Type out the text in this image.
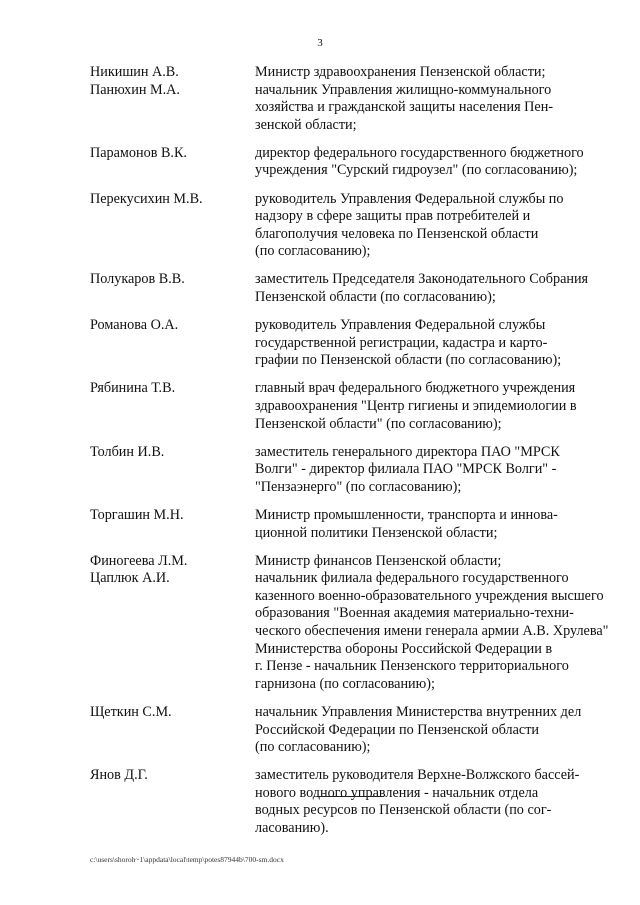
3
Никишин А.В.	Министр здравоохранения Пензенской области;
Панюхин М.А.	начальник Управления жилищно-коммунального
хозяйства и гражданской защиты населения Пен-
зенской области;
Парамонов В.К.	директор федерального государственного бюджетного
учреждения "Сурский гидроузел" (по согласованию);
Перекусихин М.В.	руководитель Управления Федеральной службы по
надзору в сфере защиты прав потребителей и
благополучия человека по Пензенской области
(по согласованию);
Полукаров В.В.	заместитель Председателя Законодательного Собрания
Пензенской области (по согласованию);
Романова О.А.	руководитель Управления Федеральной службы
государственной регистрации, кадастра и карто-
графии по Пензенской области (по согласованию);
Рябинина Т.В.	главный врач федерального бюджетного учреждения
здравоохранения "Центр гигиены и эпидемиологии в
Пензенской области" (по согласованию);
Толбин И.В.	заместитель генерального директора ПАО "МРСК
Волги" - директор филиала ПАО "МРСК Волги" -
"Пензаэнерго" (по согласованию);
Торгашин М.Н.	Министр промышленности, транспорта и иннова-
ционной политики Пензенской области;
Финогеева Л.М.	Министр финансов Пензенской области;
Цаплюк А.И.	начальник филиала федерального государственного
казенного военно-образовательного учреждения высшего
образования "Военная академия материально-техни-
ческого обеспечения имени генерала армии А.В. Хрулева"
Министерства обороны Российской Федерации в
г. Пензе - начальник Пензенского территориального
гарнизона (по согласованию);
Щеткин С.М.	начальник Управления Министерства внутренних дел
Российской Федерации по Пензенской области
(по согласованию);
Янов Д.Г.	заместитель руководителя Верхне-Волжского бассей-
нового водного управления - начальник отдела
водных ресурсов по Пензенской области (по сог-
ласованию).
c:\users\shoroh~1\appdata\local\temp\potes87944b\700-sm.docx
